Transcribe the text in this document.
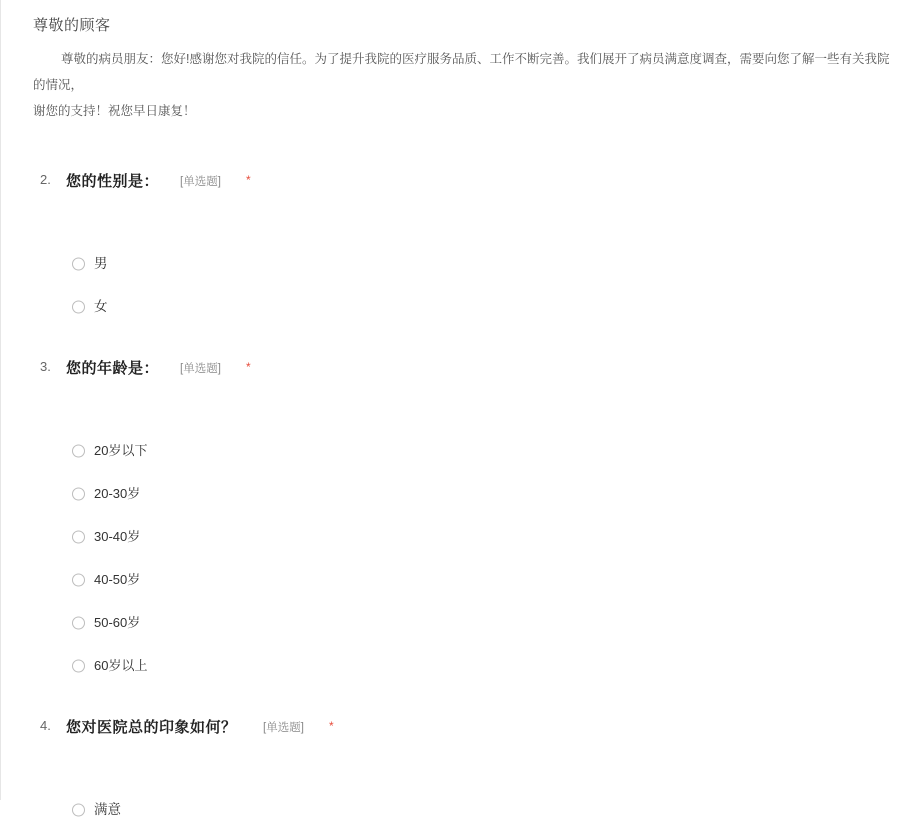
尊敬的顾客
尊敬的病员朋友：您好!感谢您对我院的信任。为了提升我院的医疗服务品质、工作不断完善。我们展开了病员满意度调查，需要向您了解一些有关我院的情况，
谢您的支持！祝您早日康复！
2. 您的性别是： [单选题] *
男
女
3. 您的年龄是： [单选题] *
20岁以下
20-30岁
30-40岁
40-50岁
50-60岁
60岁以上
4. 您对医院总的印象如何？ [单选题] *
满意
